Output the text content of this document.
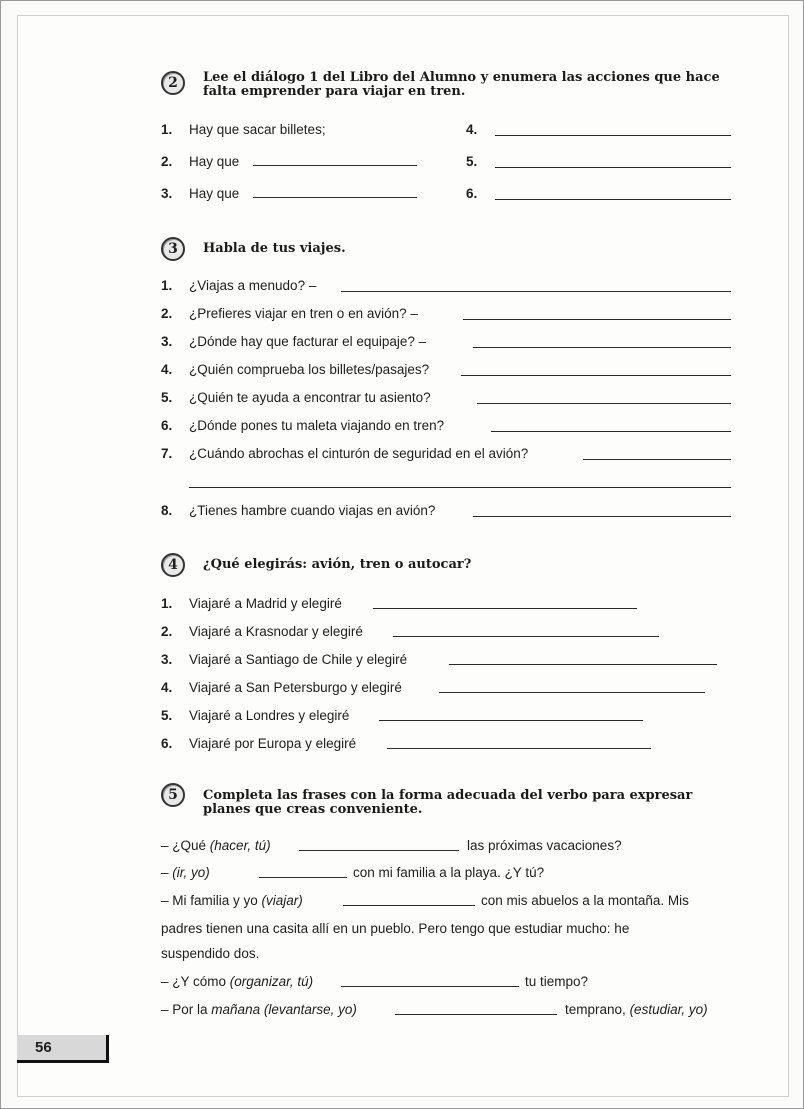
2	Lee el diálogo 1 del Libro del Alumno y enumera las acciones que hace
falta emprender para viajar en tren.
1.	Hay que sacar billetes;
2.	Hay que
3.	Hay que
4.
5.
6.
3	Habla de tus viajes.
1.	¿Viajas a menudo? –
2.	¿Prefieres viajar en tren o en avión? –
3.	¿Dónde hay que facturar el equipaje? –
4.	¿Quién comprueba los billetes/pasajes?
5.	¿Quién te ayuda a encontrar tu asiento?
6.	¿Dónde pones tu maleta viajando en tren?
7.	¿Cuándo abrochas el cinturón de seguridad en el avión?
8.	¿Tienes hambre cuando viajas en avión?
4	¿Qué elegirás: avión, tren o autocar?
1.	Viajaré a Madrid y elegiré
2.	Viajaré a Krasnodar y elegiré
3.	Viajaré a Santiago de Chile y elegiré
4.	Viajaré a San Petersburgo y elegiré
5.	Viajaré a Londres y elegiré
6.	Viajaré por Europa y elegiré
5	Completa las frases con la forma adecuada del verbo para expresar
planes que creas conveniente.
– ¿Qué
(hacer, tú)	las próximas vacaciones?
–
(ir, yo)	con mi familia a la playa. ¿Y tú?
– Mi familia y yo
(viajar)	con mis abuelos a la montaña. Mis
padres tienen una casita allí en un pueblo. Pero tengo que estudiar mucho: he
suspendido dos.
– ¿Y cómo
(organizar, tú)	tu tiempo?
– Por la
mañana
(levantarse, yo)	temprano,
(estudiar, yo)
56
